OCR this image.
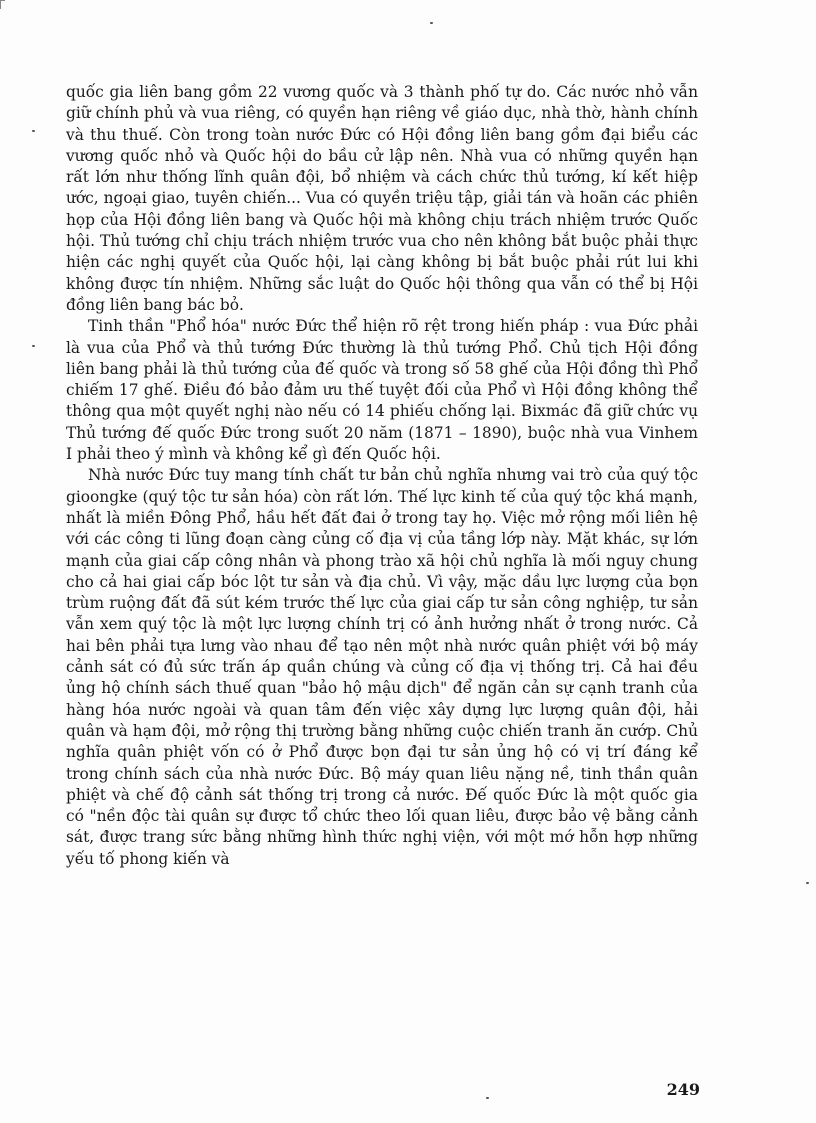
quốc gia liên bang gồm 22 vương quốc và 3 thành phố tự do. Các nước nhỏ vẫn giữ chính phủ và vua riêng, có quyền hạn riêng về giáo dục, nhà thờ, hành chính và thu thuế. Còn trong toàn nước Đức có Hội đồng liên bang gồm đại biểu các vương quốc nhỏ và Quốc hội do bầu cử lập nên. Nhà vua có những quyền hạn rất lớn như thống lĩnh quân đội, bổ nhiệm và cách chức thủ tướng, kí kết hiệp ước, ngoại giao, tuyên chiến... Vua có quyền triệu tập, giải tán và hoãn các phiên họp của Hội đồng liên bang và Quốc hội mà không chịu trách nhiệm trước Quốc hội. Thủ tướng chỉ chịu trách nhiệm trước vua cho nên không bắt buộc phải thực hiện các nghị quyết của Quốc hội, lại càng không bị bắt buộc phải rút lui khi không được tín nhiệm. Những sắc luật do Quốc hội thông qua vẫn có thể bị Hội đồng liên bang bác bỏ.

Tinh thần "Phổ hóa" nước Đức thể hiện rõ rệt trong hiến pháp : vua Đức phải là vua của Phổ và thủ tướng Đức thường là thủ tướng Phổ. Chủ tịch Hội đồng liên bang phải là thủ tướng của đế quốc và trong số 58 ghế của Hội đồng thì Phổ chiếm 17 ghế. Điều đó bảo đảm ưu thế tuyệt đối của Phổ vì Hội đồng không thể thông qua một quyết nghị nào nếu có 14 phiếu chống lại. Bixmác đã giữ chức vụ Thủ tướng đế quốc Đức trong suốt 20 năm (1871 – 1890), buộc nhà vua Vinhem I phải theo ý mình và không kể gì đến Quốc hội.

Nhà nước Đức tuy mang tính chất tư bản chủ nghĩa nhưng vai trò của quý tộc gioongke (quý tộc tư sản hóa) còn rất lớn. Thế lực kinh tế của quý tộc khá mạnh, nhất là miền Đông Phổ, hầu hết đất đai ở trong tay họ. Việc mở rộng mối liên hệ với các công ti lũng đoạn càng củng cố địa vị của tầng lớp này. Mặt khác, sự lớn mạnh của giai cấp công nhân và phong trào xã hội chủ nghĩa là mối nguy chung cho cả hai giai cấp bóc lột tư sản và địa chủ. Vì vậy, mặc dầu lực lượng của bọn trùm ruộng đất đã sút kém trước thế lực của giai cấp tư sản công nghiệp, tư sản vẫn xem quý tộc là một lực lượng chính trị có ảnh hưởng nhất ở trong nước. Cả hai bên phải tựa lưng vào nhau để tạo nên một nhà nước quân phiệt với bộ máy cảnh sát có đủ sức trấn áp quần chúng và củng cố địa vị thống trị. Cả hai đều ủng hộ chính sách thuế quan "bảo hộ mậu dịch" để ngăn cản sự cạnh tranh của hàng hóa nước ngoài và quan tâm đến việc xây dựng lực lượng quân đội, hải quân và hạm đội, mở rộng thị trường bằng những cuộc chiến tranh ăn cướp. Chủ nghĩa quân phiệt vốn có ở Phổ được bọn đại tư sản ủng hộ có vị trí đáng kể trong chính sách của nhà nước Đức. Bộ máy quan liêu nặng nề, tinh thần quân phiệt và chế độ cảnh sát thống trị trong cả nước. Đế quốc Đức là một quốc gia có "nền độc tài quân sự được tổ chức theo lối quan liêu, được bảo vệ bằng cảnh sát, được trang sức bằng những hình thức nghị viện, với một mớ hỗn hợp những yếu tố phong kiến và

249
